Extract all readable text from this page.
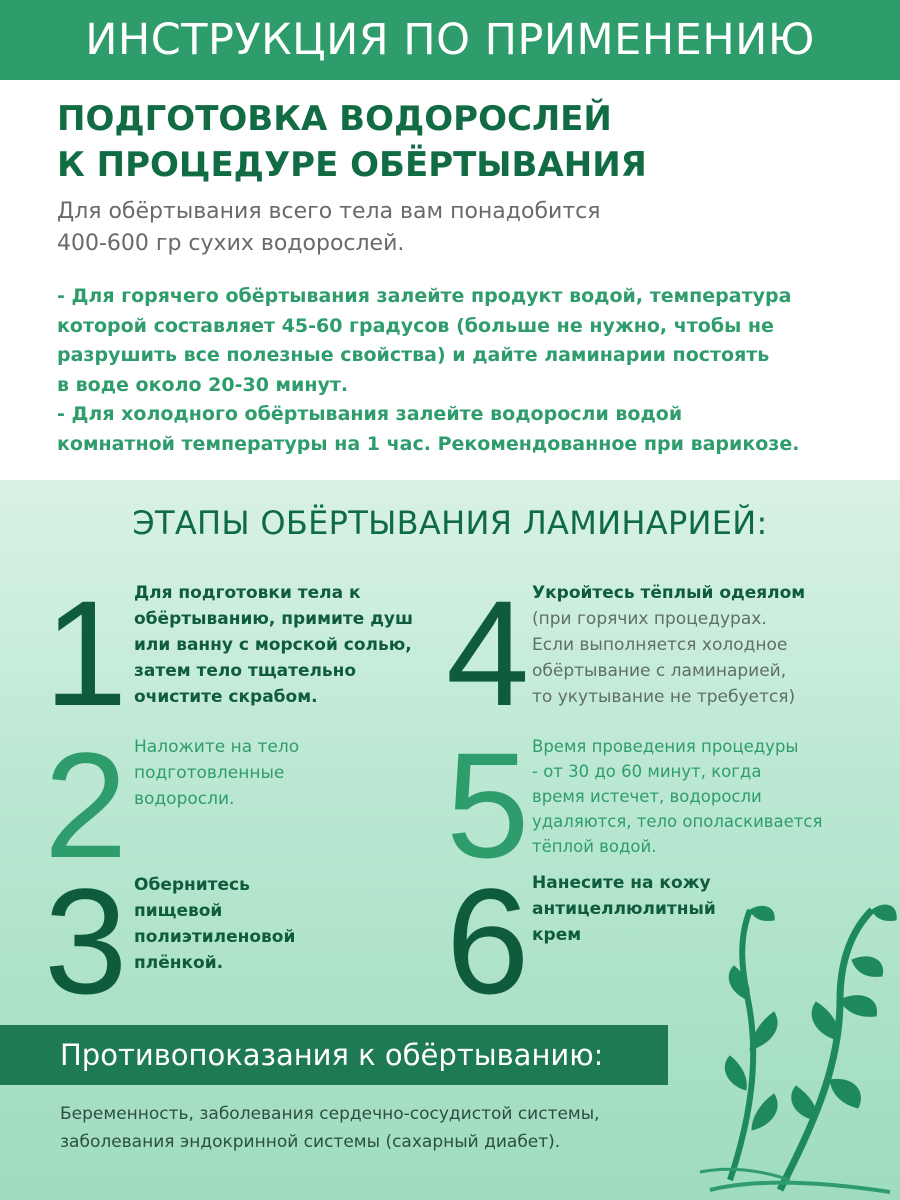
ИНСТРУКЦИЯ ПО ПРИМЕНЕНИЮ
ПОДГОТОВКА ВОДОРОСЛЕЙ
К ПРОЦЕДУРЕ ОБЁРТЫВАНИЯ
Для обёртывания всего тела вам понадобится
400-600 гр сухих водорослей.
- Для горячего обёртывания залейте продукт водой, температура
которой составляет 45-60 градусов (больше не нужно, чтобы не
разрушить все полезные свойства) и дайте ламинарии постоять
в воде около 20-30 минут.
- Для холодного обёртывания залейте водоросли водой
комнатной температуры на 1 час. Рекомендованное при варикозе.
ЭТАПЫ ОБЁРТЫВАНИЯ ЛАМИНАРИЕЙ:
1 Для подготовки тела к
обёртыванию, примите душ
или ванну с морской солью,
затем тело тщательно
очистите скрабом.
2 Наложите на тело
подготовленные
водоросли.
3 Обернитесь
пищевой
полиэтиленовой
плёнкой.
4 Укройтесь тёплый одеялом
(при горячих процедурах.
Если выполняется холодное
обёртывание с ламинарией,
то укутывание не требуется)
5 Время проведения процедуры
- от 30 до 60 минут, когда
время истечет, водоросли
удаляются, тело ополаскивается
тёплой водой.
6 Нанесите на кожу
антицеллюлитный
крем
Противопоказания к обёртыванию:
Беременность, заболевания сердечно-сосудистой системы,
заболевания эндокринной системы (сахарный диабет).
